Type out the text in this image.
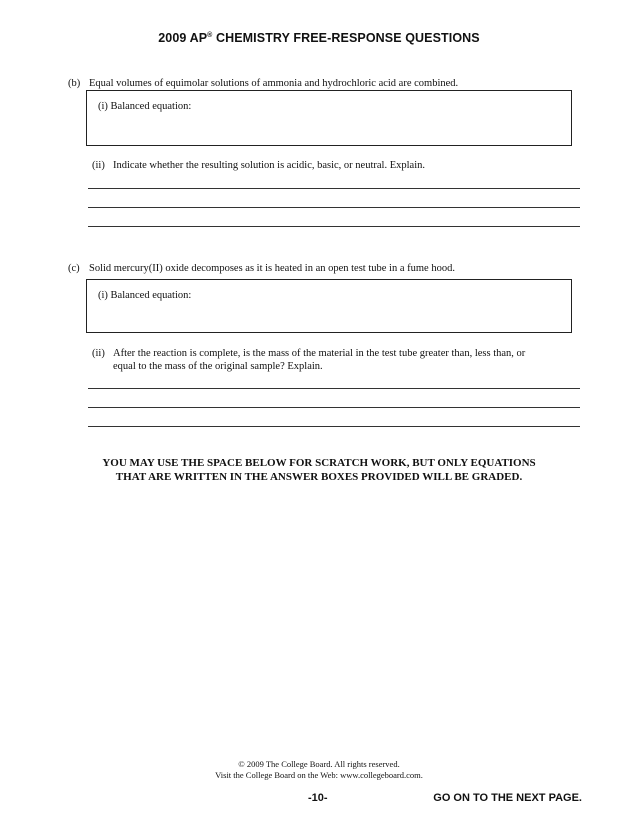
2009 AP® CHEMISTRY FREE-RESPONSE QUESTIONS
(b) Equal volumes of equimolar solutions of ammonia and hydrochloric acid are combined.
(i) Balanced equation:
(ii) Indicate whether the resulting solution is acidic, basic, or neutral. Explain.
(c) Solid mercury(II) oxide decomposes as it is heated in an open test tube in a fume hood.
(i) Balanced equation:
(ii) After the reaction is complete, is the mass of the material in the test tube greater than, less than, or
equal to the mass of the original sample? Explain.
YOU MAY USE THE SPACE BELOW FOR SCRATCH WORK, BUT ONLY EQUATIONS
THAT ARE WRITTEN IN THE ANSWER BOXES PROVIDED WILL BE GRADED.
© 2009 The College Board. All rights reserved.
Visit the College Board on the Web: www.collegeboard.com.
-10-	GO ON TO THE NEXT PAGE.
